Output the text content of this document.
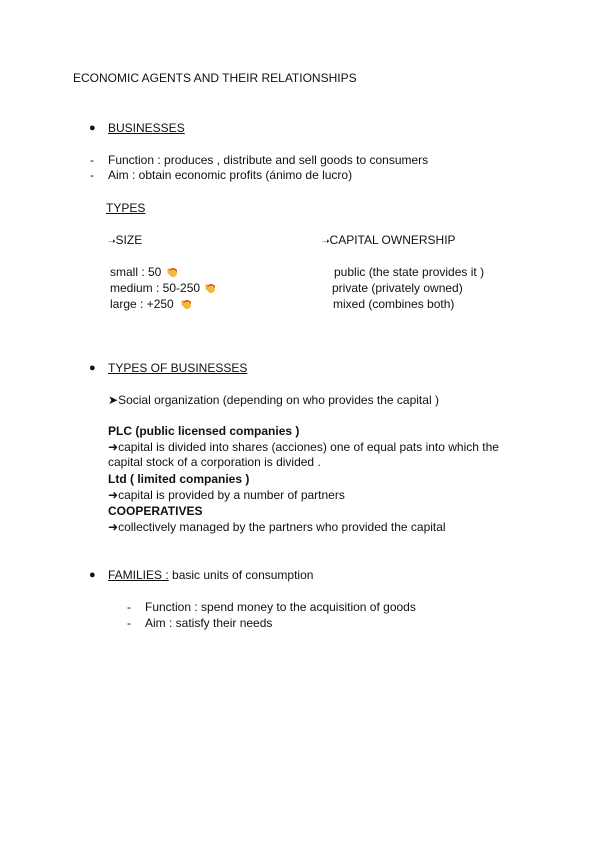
ECONOMIC AGENTS AND THEIR RELATIONSHIPS
● BUSINESSES
- Function : produces , distribute and sell goods to consumers
- Aim : obtain economic profits (ánimo de lucro)
TYPES
➝SIZE
small : 50
medium : 50-250
large : +250
➝CAPITAL OWNERSHIP
public (the state provides it )
private (privately owned)
mixed (combines both)
● TYPES OF BUSINESSES
➤Social organization (depending on who provides the capital )
PLC (public licensed companies )
➜capital is divided into shares (acciones) one of equal pats into which the capital stock of a corporation is divided .
Ltd ( limited companies )
➜capital is provided by a number of partners
COOPERATIVES
➜collectively managed by the partners who provided the capital
● FAMILIES : basic units of consumption
- Function : spend money to the acquisition of goods
- Aim : satisfy their needs
